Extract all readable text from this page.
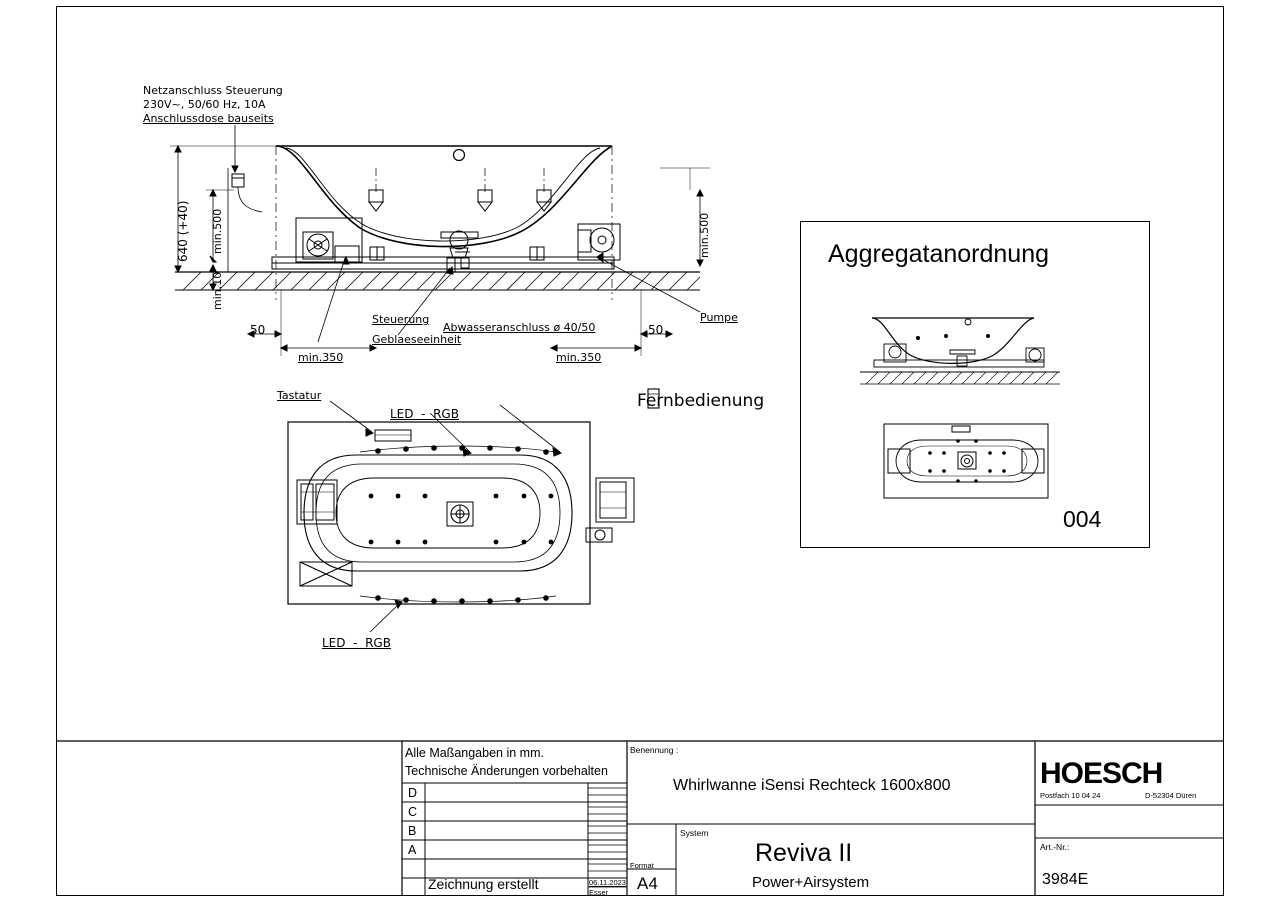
Netzanschluss Steuerung
230V~, 50/60 Hz, 10A
Anschlussdose bauseits
640 (+40) min.500
min.10
min.500
50	50
min.350	min.350
Steuerung
Geblaeseeinheit
Abwasseranschluss ø 40/50
Pumpe
Tastatur
LED  -  RGB
LED  -  RGB
Fernbedienung
Aggregatanordnung
004
Alle Maßangaben in mm.
Technische Änderungen vorbehalten
D
C
B
A
Zeichnung erstellt	06.11.2023
Esser
Benennung :
Whirlwanne iSensi Rechteck 1600x800
System
Reviva II
Power+Airsystem
Format
A4
Art.-Nr.:
3984E
HOESCH
Postfach 10 04 24	D-52304 Düren
